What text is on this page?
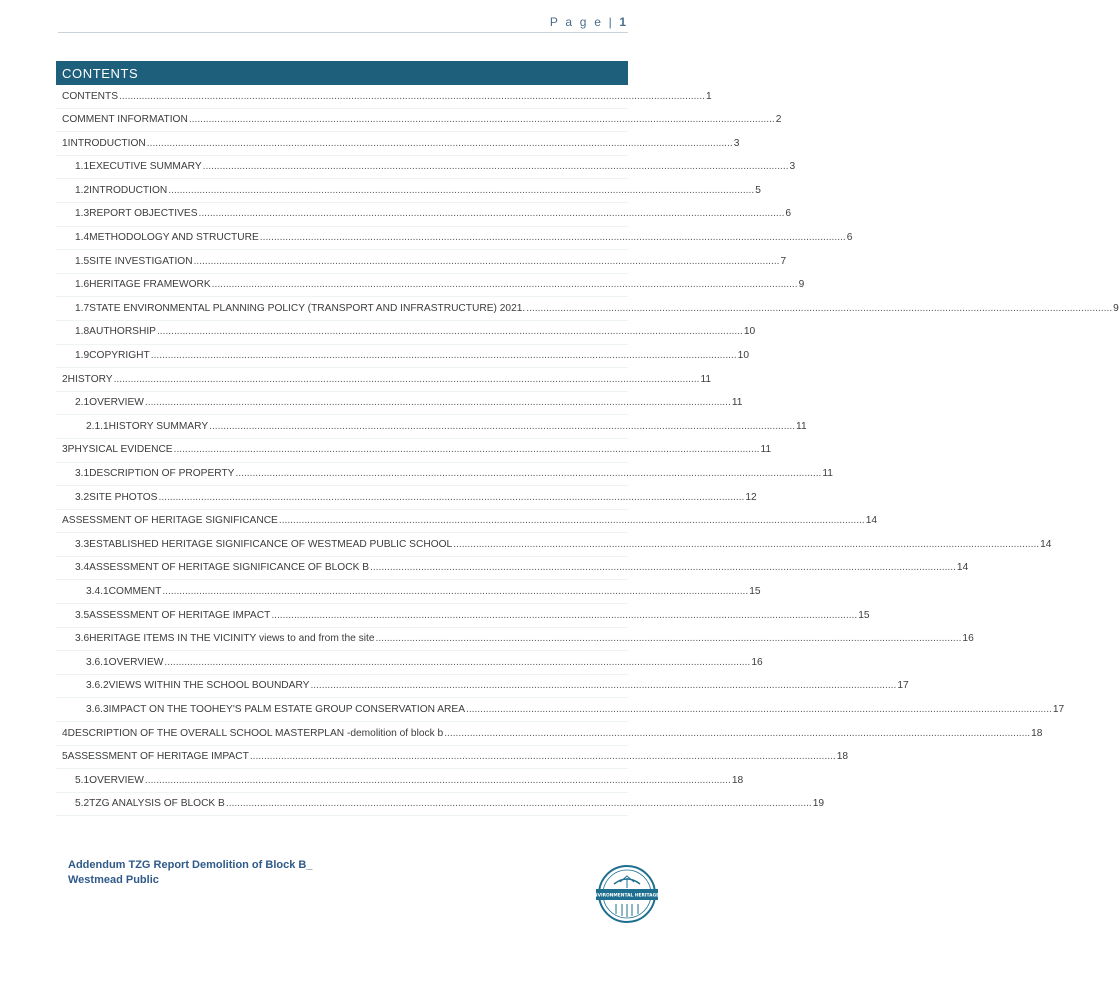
P a g e | 1
CONTENTS
CONTENTS .....	1
COMMENT INFORMATION .....	2
1 INTRODUCTION .....	3
1.1 EXECUTIVE SUMMARY .....	3
1.2 INTRODUCTION .....	5
1.3 REPORT OBJECTIVES .....	6
1.4 METHODOLOGY AND STRUCTURE .....	6
1.5 SITE INVESTIGATION .....	7
1.6 HERITAGE FRAMEWORK .....	9
1.7 STATE ENVIRONMENTAL PLANNING POLICY (TRANSPORT AND INFRASTRUCTURE) 2021. .....	9
1.8 AUTHORSHIP .....	10
1.9 COPYRIGHT .....	10
2 HISTORY .....	11
2.1 OVERVIEW .....	11
2.1.1 HISTORY SUMMARY .....	11
3 PHYSICAL EVIDENCE .....	11
3.1 DESCRIPTION OF PROPERTY .....	11
3.2 SITE PHOTOS .....	12
ASSESSMENT OF HERITAGE SIGNIFICANCE .....	14
3.3 ESTABLISHED HERITAGE SIGNIFICANCE OF WESTMEAD PUBLIC SCHOOL .....	14
3.4 ASSESSMENT OF HERITAGE SIGNIFICANCE OF BLOCK B .....	14
3.4.1 COMMENT .....	15
3.5 ASSESSMENT OF HERITAGE IMPACT .....	15
3.6 HERITAGE ITEMS IN THE VICINITY views to and from the site .....	16
3.6.1 OVERVIEW .....	16
3.6.2 VIEWS WITHIN THE SCHOOL BOUNDARY .....	17
3.6.3 IMPACT ON THE TOOHEY'S PALM ESTATE GROUP CONSERVATION AREA .....	17
4 DESCRIPTION OF THE OVERALL SCHOOL MASTERPLAN -demolition of block b .....	18
5 ASSESSMENT OF HERITAGE IMPACT .....	18
5.1 OVERVIEW .....	18
5.2 TZG ANALYSIS OF BLOCK B .....	19
Addendum TZG Report Demolition of Block B_
Westmead Public
BUILT ENVIRONMENTAL HERITAGE GROUP
